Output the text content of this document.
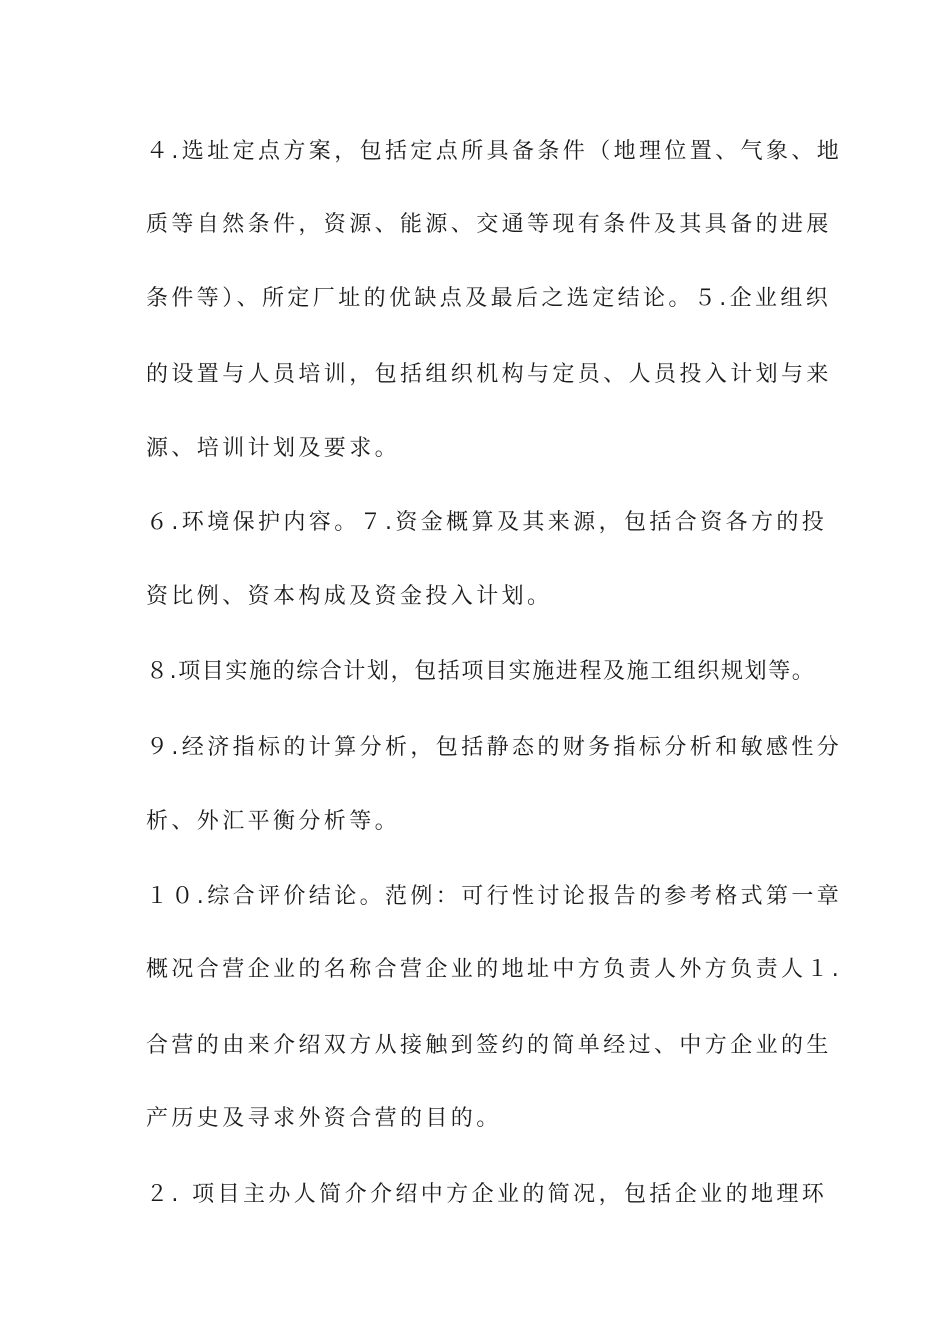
４.选址定点方案，包括定点所具备条件（地理位置、气象、地

质等自然条件，资源、能源、交通等现有条件及其具备的进展

条件等）、所定厂址的优缺点及最后之选定结论。５.企业组织

的设置与人员培训，包括组织机构与定员、人员投入计划与来

源、培训计划及要求。

６.环境保护内容。７.资金概算及其来源，包括合资各方的投

资比例、资本构成及资金投入计划。

８.项目实施的综合计划，包括项目实施进程及施工组织规划等。

９.经济指标的计算分析，包括静态的财务指标分析和敏感性分

析、外汇平衡分析等。

１０.综合评价结论。范例：可行性讨论报告的参考格式第一章

概况合营企业的名称合营企业的地址中方负责人外方负责人１.

合营的由来介绍双方从接触到签约的简单经过、中方企业的生

产历史及寻求外资合营的目的。

２. 项目主办人简介介绍中方企业的简况，包括企业的地理环
